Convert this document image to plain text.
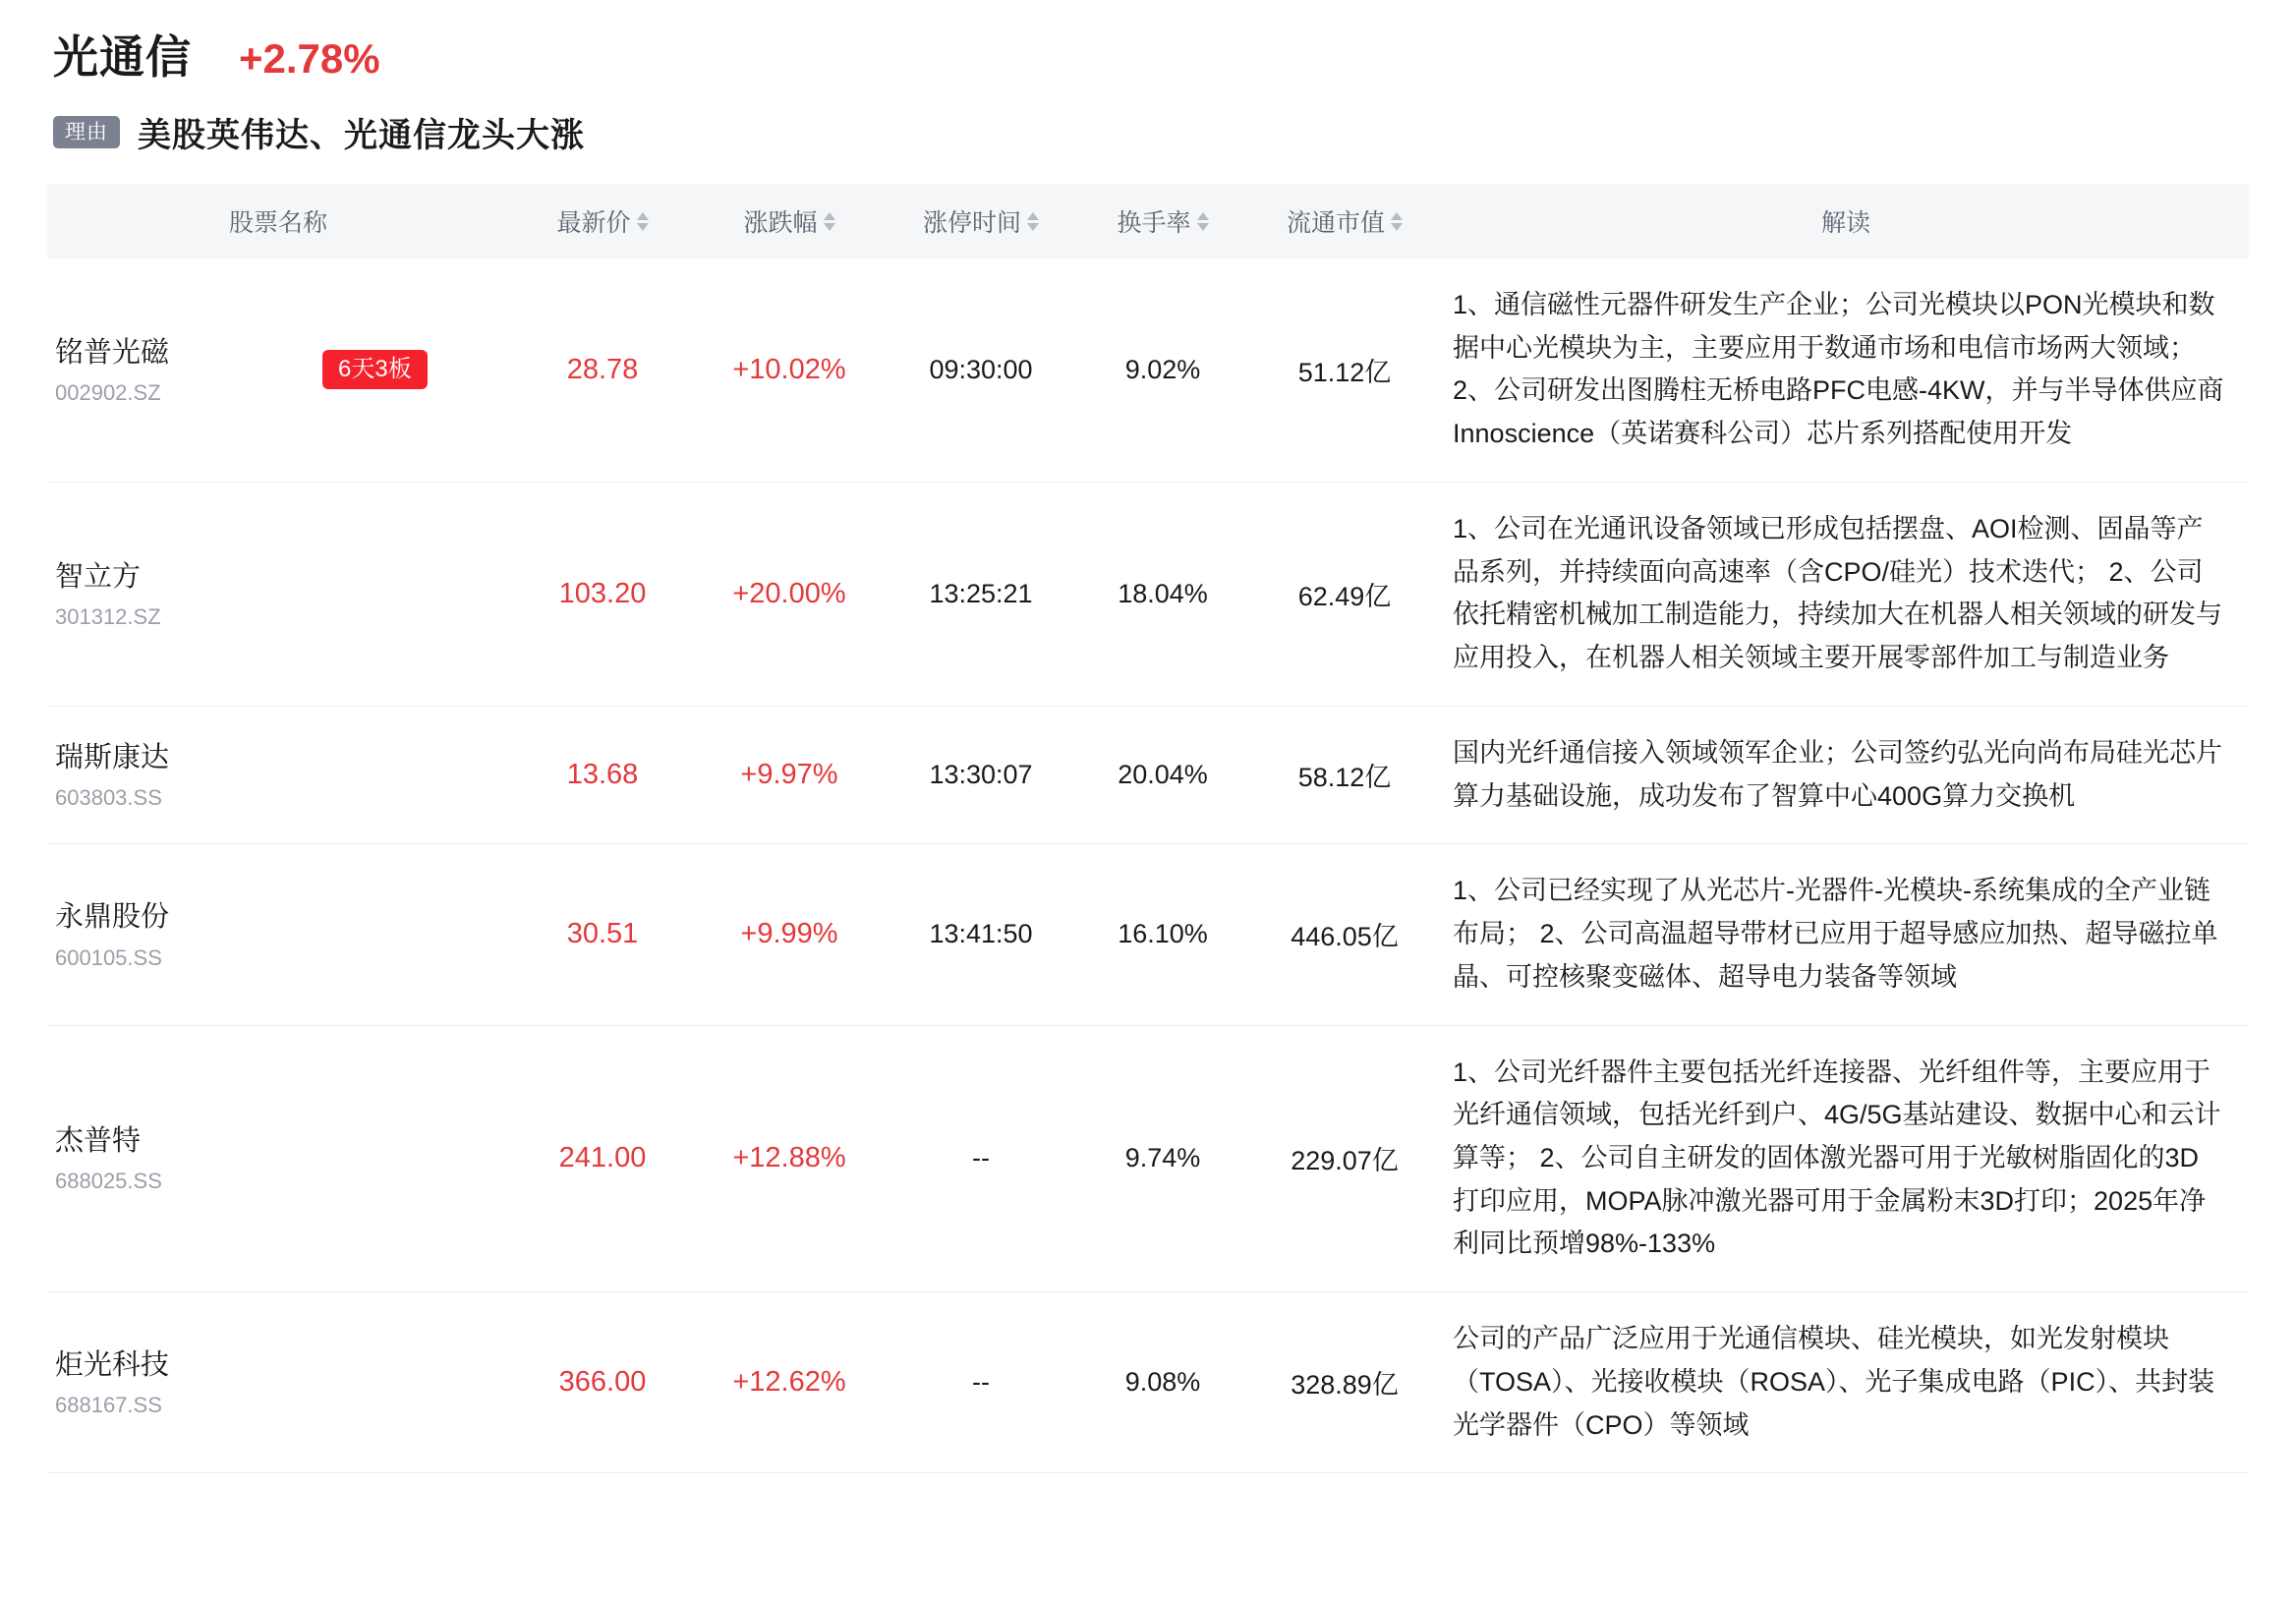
光通信 +2.78%
理由 美股英伟达、光通信龙头大涨
股票名称		最新价	涨跌幅	涨停时间	换手率	流通市值	解读

铭普光磁
002902.SZ	6天3板	28.78	+10.02%	09:30:00	9.02%	51.12亿	1、通信磁性元器件研发生产企业；公司光模块以PON光模块和数据中心光模块为主，主要应用于数通市场和电信市场两大领域；2、公司研发出图腾柱无桥电路PFC电感-4KW，并与半导体供应商Innoscience（英诺赛科公司）芯片系列搭配使用开发

智立方
301312.SZ		103.20	+20.00%	13:25:21	18.04%	62.49亿	1、公司在光通讯设备领域已形成包括摆盘、AOI检测、固晶等产品系列，并持续面向高速率（含CPO/硅光）技术迭代； 2、公司依托精密机械加工制造能力，持续加大在机器人相关领域的研发与应用投入，在机器人相关领域主要开展零部件加工与制造业务

瑞斯康达
603803.SS		13.68	+9.97%	13:30:07	20.04%	58.12亿	国内光纤通信接入领域领军企业；公司签约弘光向尚布局硅光芯片算力基础设施，成功发布了智算中心400G算力交换机

永鼎股份
600105.SS		30.51	+9.99%	13:41:50	16.10%	446.05亿	1、公司已经实现了从光芯片-光器件-光模块-系统集成的全产业链布局； 2、公司高温超导带材已应用于超导感应加热、超导磁拉单晶、可控核聚变磁体、超导电力装备等领域

杰普特
688025.SS		241.00	+12.88%	--	9.74%	229.07亿	1、公司光纤器件主要包括光纤连接器、光纤组件等，主要应用于光纤通信领域，包括光纤到户、4G/5G基站建设、数据中心和云计算等； 2、公司自主研发的固体激光器可用于光敏树脂固化的3D打印应用，MOPA脉冲激光器可用于金属粉末3D打印；2025年净利同比预增98%-133%

炬光科技
688167.SS		366.00	+12.62%	--	9.08%	328.89亿	公司的产品广泛应用于光通信模块、硅光模块，如光发射模块（TOSA）、光接收模块（ROSA）、光子集成电路（PIC）、共封装光学器件（CPO）等领域
